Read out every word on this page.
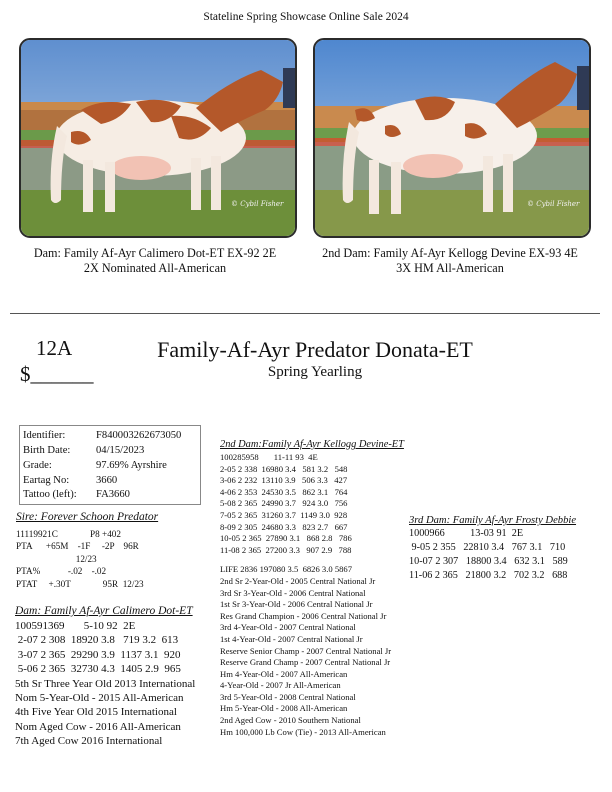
Stateline Spring Showcase Online Sale 2024
© Cybil Fisher	© Cybil Fisher
Dam: Family Af-Ayr Calimero Dot-ET EX-92 2E
2X Nominated All-American
2nd Dam: Family Af-Ayr Kellogg Devine EX-93 4E
3X HM All-American
12A
$______
Family-Af-Ayr Predator Donata-ET
Spring Yearling
Identifier:	F840003262673050
Birth Date: 04/15/2023
Grade:	97.69% Ayrshire
Eartag No:	3660
Tattoo (left): FA3660
Sire: Forever Schoon Predator
11119921C              P8 +402
PTA      +65M    -1F     -2P    96R
12/23
PTA%            -.02    -.02
PTAT     +.30T              95R  12/23
Dam: Family Af-Ayr Calimero Dot-ET
100591369       5-10 92  2E
2-07 2 308  18920 3.8   719 3.2  613
3-07 2 365  29290 3.9  1137 3.1  920
5-06 2 365  32730 4.3  1405 2.9  965
5th Sr Three Year Old 2013 International
Nom 5-Year-Old - 2015 All-American
4th Five Year Old 2015 International
Nom Aged Cow - 2016 All-American
7th Aged Cow 2016 International
2nd Dam:Family Af-Ayr Kellogg Devine-ET
100285958       11-11 93  4E
2-05 2 338  16980 3.4   581 3.2   548
3-06 2 232  13110 3.9   506 3.3   427
4-06 2 353  24530 3.5   862 3.1   764
5-08 2 365  24990 3.7   924 3.0   756
7-05 2 365  31260 3.7  1149 3.0  928
8-09 2 305  24680 3.3   823 2.7   667
10-05 2 365  27890 3.1   868 2.8   786
11-08 2 365  27200 3.3   907 2.9   788
LIFE 2836 197080 3.5  6826 3.0 5867
2nd Sr 2-Year-Old - 2005 Central National Jr
3rd Sr 3-Year-Old - 2006 Central National
1st Sr 3-Year-Old - 2006 Central National Jr
Res Grand Champion - 2006 Central National Jr
3rd 4-Year-Old - 2007 Central National
1st 4-Year-Old - 2007 Central National Jr
Reserve Senior Champ - 2007 Central National Jr
Reserve Grand Champ - 2007 Central National Jr
Hm 4-Year-Old - 2007 All-American
4-Year-Old - 2007 Jr All-American
3rd 5-Year-Old - 2008 Central National
Hm 5-Year-Old - 2008 All-American
2nd Aged Cow - 2010 Southern National
Hm 100,000 Lb Cow (Tie) - 2013 All-American
3rd Dam: Family Af-Ayr Frosty Debbie
1000966          13-03 91  2E
9-05 2 355   22810 3.4   767 3.1   710
10-07 2 307   18800 3.4   632 3.1   589
11-06 2 365   21800 3.2   702 3.2   688
